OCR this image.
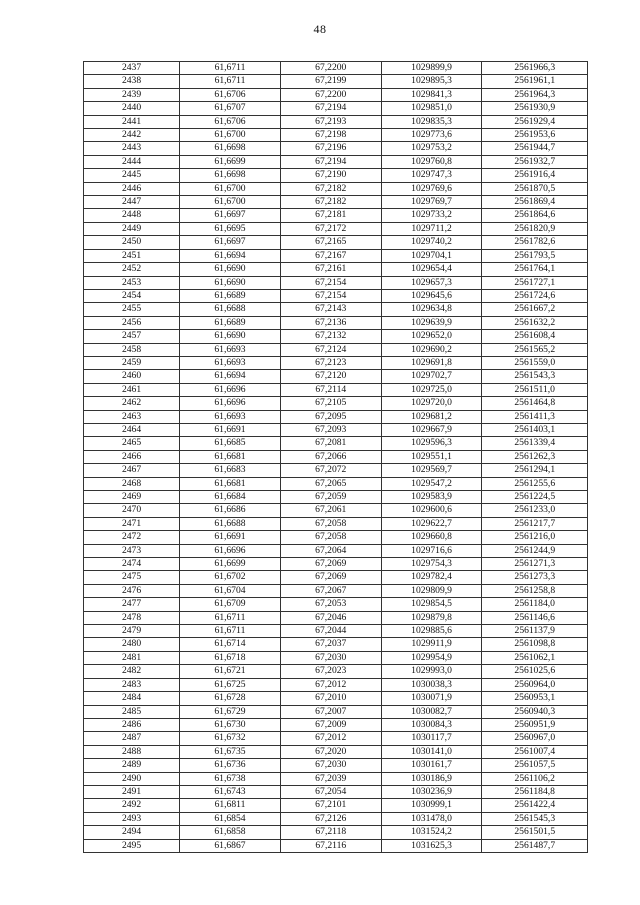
48
2437	61,6711	67,2200	1029899,9	2561966,3
2438	61,6711	67,2199	1029895,3	2561961,1
2439	61,6706	67,2200	1029841,3	2561964,3
2440	61,6707	67,2194	1029851,0	2561930,9
2441	61,6706	67,2193	1029835,3	2561929,4
2442	61,6700	67,2198	1029773,6	2561953,6
2443	61,6698	67,2196	1029753,2	2561944,7
2444	61,6699	67,2194	1029760,8	2561932,7
2445	61,6698	67,2190	1029747,3	2561916,4
2446	61,6700	67,2182	1029769,6	2561870,5
2447	61,6700	67,2182	1029769,7	2561869,4
2448	61,6697	67,2181	1029733,2	2561864,6
2449	61,6695	67,2172	1029711,2	2561820,9
2450	61,6697	67,2165	1029740,2	2561782,6
2451	61,6694	67,2167	1029704,1	2561793,5
2452	61,6690	67,2161	1029654,4	2561764,1
2453	61,6690	67,2154	1029657,3	2561727,1
2454	61,6689	67,2154	1029645,6	2561724,6
2455	61,6688	67,2143	1029634,8	2561667,2
2456	61,6689	67,2136	1029639,9	2561632,2
2457	61,6690	67,2132	1029652,0	2561608,4
2458	61,6693	67,2124	1029690,2	2561565,2
2459	61,6693	67,2123	1029691,8	2561559,0
2460	61,6694	67,2120	1029702,7	2561543,3
2461	61,6696	67,2114	1029725,0	2561511,0
2462	61,6696	67,2105	1029720,0	2561464,8
2463	61,6693	67,2095	1029681,2	2561411,3
2464	61,6691	67,2093	1029667,9	2561403,1
2465	61,6685	67,2081	1029596,3	2561339,4
2466	61,6681	67,2066	1029551,1	2561262,3
2467	61,6683	67,2072	1029569,7	2561294,1
2468	61,6681	67,2065	1029547,2	2561255,6
2469	61,6684	67,2059	1029583,9	2561224,5
2470	61,6686	67,2061	1029600,6	2561233,0
2471	61,6688	67,2058	1029622,7	2561217,7
2472	61,6691	67,2058	1029660,8	2561216,0
2473	61,6696	67,2064	1029716,6	2561244,9
2474	61,6699	67,2069	1029754,3	2561271,3
2475	61,6702	67,2069	1029782,4	2561273,3
2476	61,6704	67,2067	1029809,9	2561258,8
2477	61,6709	67,2053	1029854,5	2561184,0
2478	61,6711	67,2046	1029879,8	2561146,6
2479	61,6711	67,2044	1029885,6	2561137,9
2480	61,6714	67,2037	1029911,9	2561098,8
2481	61,6718	67,2030	1029954,9	2561062,1
2482	61,6721	67,2023	1029993,0	2561025,6
2483	61,6725	67,2012	1030038,3	2560964,0
2484	61,6728	67,2010	1030071,9	2560953,1
2485	61,6729	67,2007	1030082,7	2560940,3
2486	61,6730	67,2009	1030084,3	2560951,9
2487	61,6732	67,2012	1030117,7	2560967,0
2488	61,6735	67,2020	1030141,0	2561007,4
2489	61,6736	67,2030	1030161,7	2561057,5
2490	61,6738	67,2039	1030186,9	2561106,2
2491	61,6743	67,2054	1030236,9	2561184,8
2492	61,6811	67,2101	1030999,1	2561422,4
2493	61,6854	67,2126	1031478,0	2561545,3
2494	61,6858	67,2118	1031524,2	2561501,5
2495	61,6867	67,2116	1031625,3	2561487,7
